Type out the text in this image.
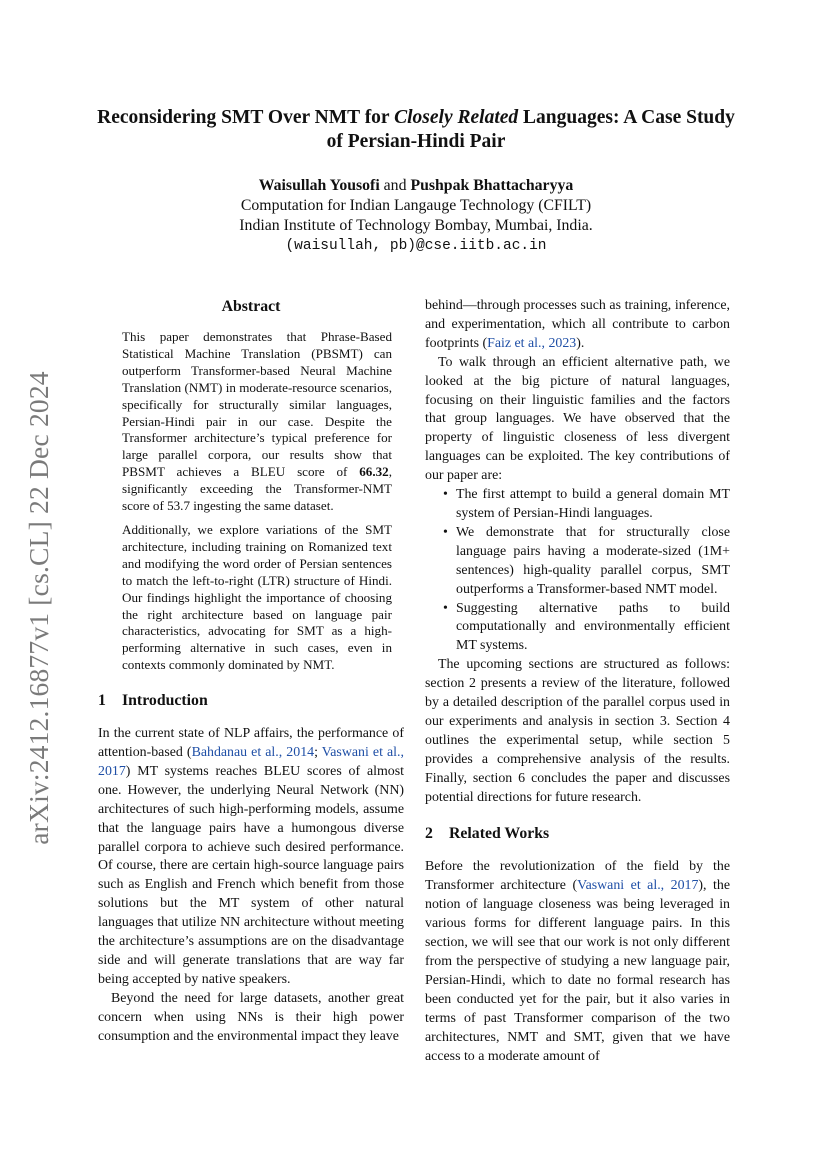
arXiv:2412.16877v1 [cs.CL] 22 Dec 2024
Reconsidering SMT Over NMT for Closely Related Languages: A Case Study of Persian-Hindi Pair
Waisullah Yousofi and Pushpak Bhattacharyya
Computation for Indian Langauge Technology (CFILT)
Indian Institute of Technology Bombay, Mumbai, India.
(waisullah, pb)@cse.iitb.ac.in
Abstract

This paper demonstrates that Phrase-Based Statistical Machine Translation (PBSMT) can outperform Transformer-based Neural Machine Translation (NMT) in moderate-resource scenarios, specifically for structurally similar languages, Persian-Hindi pair in our case. Despite the Transformer architecture’s typical preference for large parallel corpora, our results show that PBSMT achieves a BLEU score of 66.32, significantly exceeding the Transformer-NMT score of 53.7 ingesting the same dataset.

Additionally, we explore variations of the SMT architecture, including training on Romanized text and modifying the word order of Persian sentences to match the left-to-right (LTR) structure of Hindi. Our findings highlight the importance of choosing the right architecture based on language pair characteristics, advocating for SMT as a high-performing alternative in such cases, even in contexts commonly dominated by NMT.

1 Introduction

In the current state of NLP affairs, the performance of attention-based (Bahdanau et al., 2014; Vaswani et al., 2017) MT systems reaches BLEU scores of almost one. However, the underlying Neural Network (NN) architectures of such high-performing models, assume that the language pairs have a humongous diverse parallel corpora to achieve such desired performance. Of course, there are certain high-source language pairs such as English and French which benefit from those solutions but the MT system of other natural languages that utilize NN architecture without meeting the architecture’s assumptions are on the disadvantage side and will generate translations that are way far being accepted by native speakers.

Beyond the need for large datasets, another great concern when using NNs is their high power consumption and the environmental impact they leave

behind—through processes such as training, inference, and experimentation, which all contribute to carbon footprints (Faiz et al., 2023).

To walk through an efficient alternative path, we looked at the big picture of natural languages, focusing on their linguistic families and the factors that group languages. We have observed that the property of linguistic closeness of less divergent languages can be exploited. The key contributions of our paper are:

• The first attempt to build a general domain MT system of Persian-Hindi languages.
• We demonstrate that for structurally close language pairs having a moderate-sized (1M+ sentences) high-quality parallel corpus, SMT outperforms a Transformer-based NMT model.
• Suggesting alternative paths to build computationally and environmentally efficient MT systems.

The upcoming sections are structured as follows: section 2 presents a review of the literature, followed by a detailed description of the parallel corpus used in our experiments and analysis in section 3. Section 4 outlines the experimental setup, while section 5 provides a comprehensive analysis of the results. Finally, section 6 concludes the paper and discusses potential directions for future research.

2 Related Works

Before the revolutionization of the field by the Transformer architecture (Vaswani et al., 2017), the notion of language closeness was being leveraged in various forms for different language pairs. In this section, we will see that our work is not only different from the perspective of studying a new language pair, Persian-Hindi, which to date no formal research has been conducted yet for the pair, but it also varies in terms of past Transformer comparison of the two architectures, NMT and SMT, given that we have access to a moderate amount of
